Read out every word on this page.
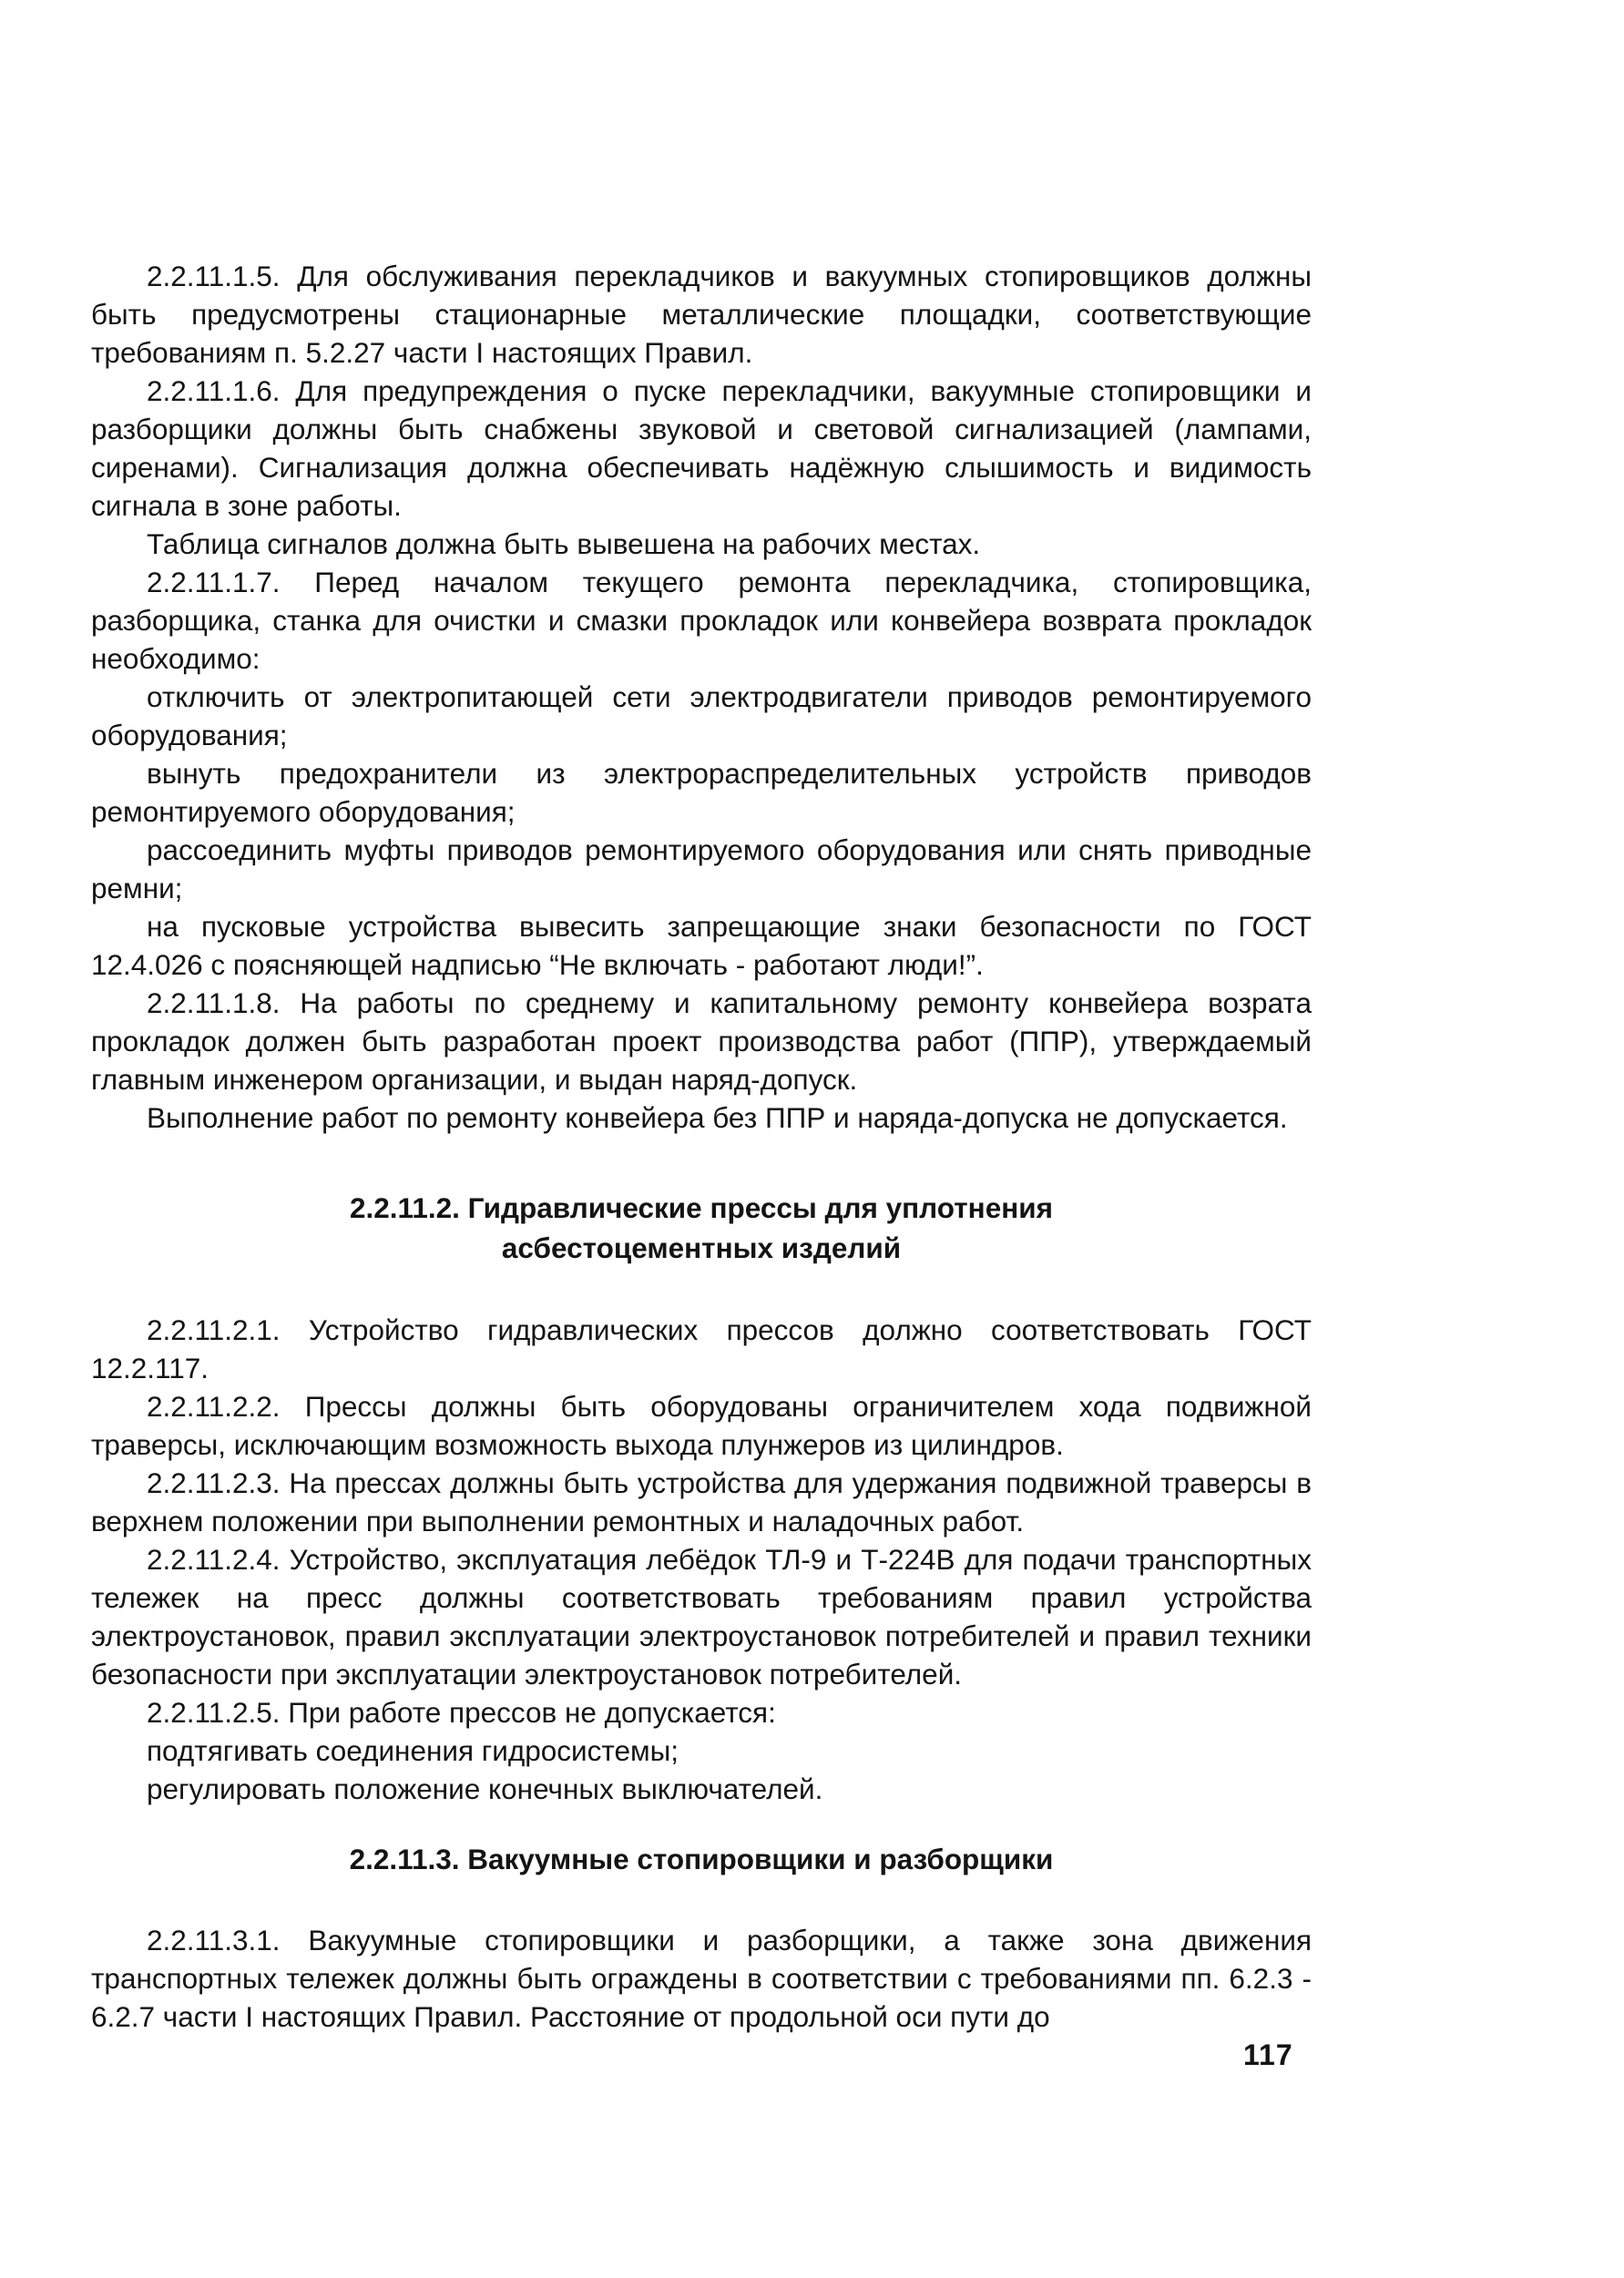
2.2.11.1.5. Для обслуживания перекладчиков и вакуумных стопировщиков должны быть предусмотрены стационарные металлические площадки, соответствующие требованиям п. 5.2.27 части I настоящих Правил.

2.2.11.1.6. Для предупреждения о пуске перекладчики, вакуумные стопировщики и разборщики должны быть снабжены звуковой и световой сигнализацией (лампами, сиренами). Сигнализация должна обеспечивать надёжную слышимость и видимость сигнала в зоне работы.

Таблица сигналов должна быть вывешена на рабочих местах.

2.2.11.1.7. Перед началом текущего ремонта перекладчика, стопировщика, разборщика, станка для очистки и смазки прокладок или конвейера возврата прокладок необходимо:

отключить от электропитающей сети электродвигатели приводов ремонтируемого оборудования;

вынуть предохранители из электрораспределительных устройств приводов ремонтируемого оборудования;

рассоединить муфты приводов ремонтируемого оборудования или снять приводные ремни;

на пусковые устройства вывесить запрещающие знаки безопасности по ГОСТ 12.4.026 с поясняющей надписью “Не включать - работают люди!”.

2.2.11.1.8. На работы по среднему и капитальному ремонту конвейера возрата прокладок должен быть разработан проект производства работ (ППР), утверждаемый главным инженером организации, и выдан наряд-допуск.

Выполнение работ по ремонту конвейера без ППР и наряда-допуска не допускается.

2.2.11.2. Гидравлические прессы для уплотнения
асбестоцементных изделий

2.2.11.2.1. Устройство гидравлических прессов должно соответствовать ГОСТ 12.2.117.

2.2.11.2.2. Прессы должны быть оборудованы ограничителем хода подвижной траверсы, исключающим возможность выхода плунжеров из цилиндров.

2.2.11.2.3. На прессах должны быть устройства для удержания подвижной траверсы в верхнем положении при выполнении ремонтных и наладочных работ.

2.2.11.2.4. Устройство, эксплуатация лебёдок ТЛ-9 и Т-224В для подачи транспортных тележек на пресс должны соответствовать требованиям правил устройства электроустановок, правил эксплуатации электроустановок потребителей и правил техники безопасности при эксплуатации электроустановок потребителей.

2.2.11.2.5. При работе прессов не допускается:

подтягивать соединения гидросистемы;

регулировать положение конечных выключателей.

2.2.11.3. Вакуумные стопировщики и разборщики

2.2.11.3.1. Вакуумные стопировщики и разборщики, а также зона движения транспортных тележек должны быть ограждены в соответствии с требованиями пп. 6.2.3 - 6.2.7 части I настоящих Правил. Расстояние от продольной оси пути до

117
